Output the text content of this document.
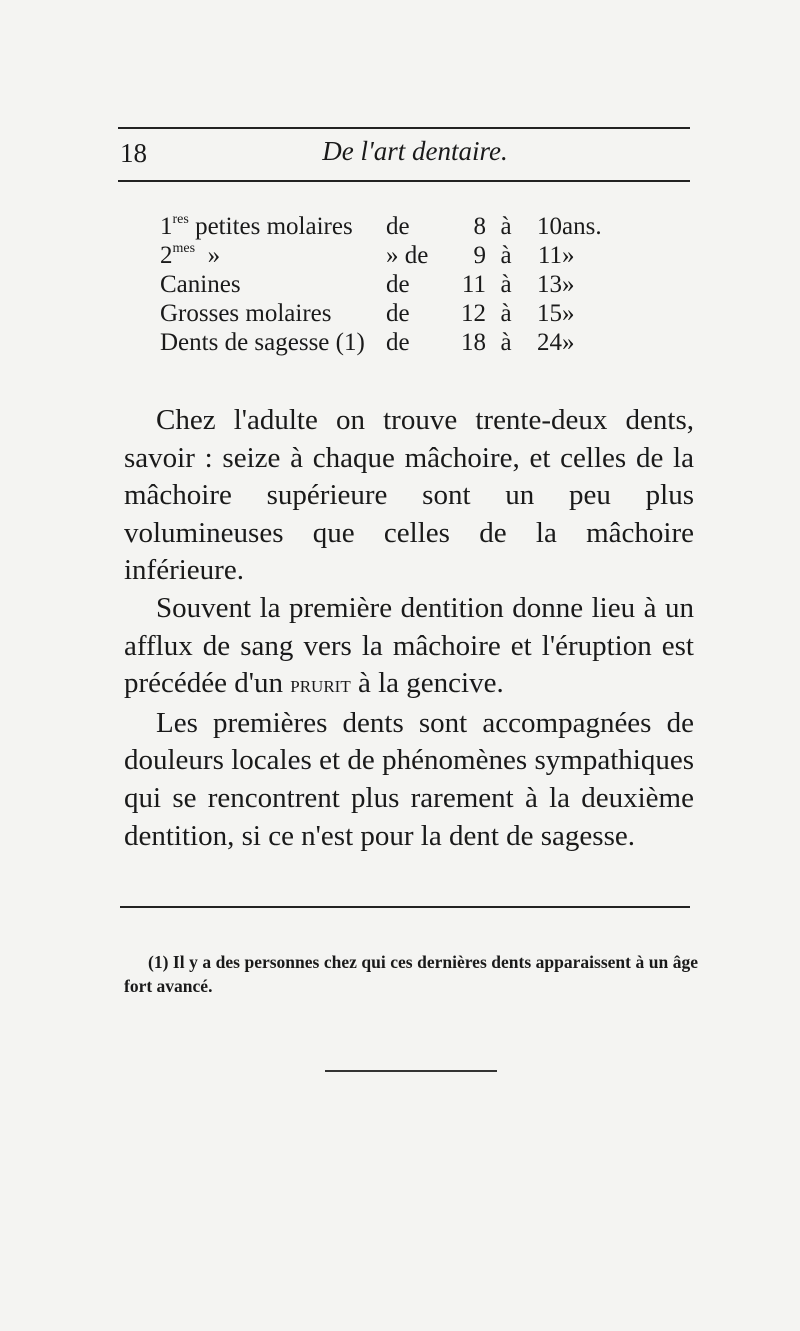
18	De l'art dentaire.
1res petites molaires	de	8	à	10	ans.
$2^{mes}$ »	» de	9	à	11	»
Canines	de	11	à	13	»
Grosses molaires	de	12	à	15	»
Dents de sagesse (1)	de	18	à	24	»

Chez l'adulte on trouve trente-deux dents, savoir : seize à chaque mâchoire, et celles de la mâchoire supérieure sont un peu plus volumineuses que celles de la mâchoire inférieure.

Souvent la première dentition donne lieu à un afflux de sang vers la mâchoire et l'éruption est précédée d'un prurit à la gencive.

Les premières dents sont accompagnées de douleurs locales et de phénomènes sympathiques qui se rencontrent plus rarement à la deuxième dentition, si ce n'est pour la dent de sagesse.

(1) Il y a des personnes chez qui ces dernières dents apparaissent à un âge fort avancé.
